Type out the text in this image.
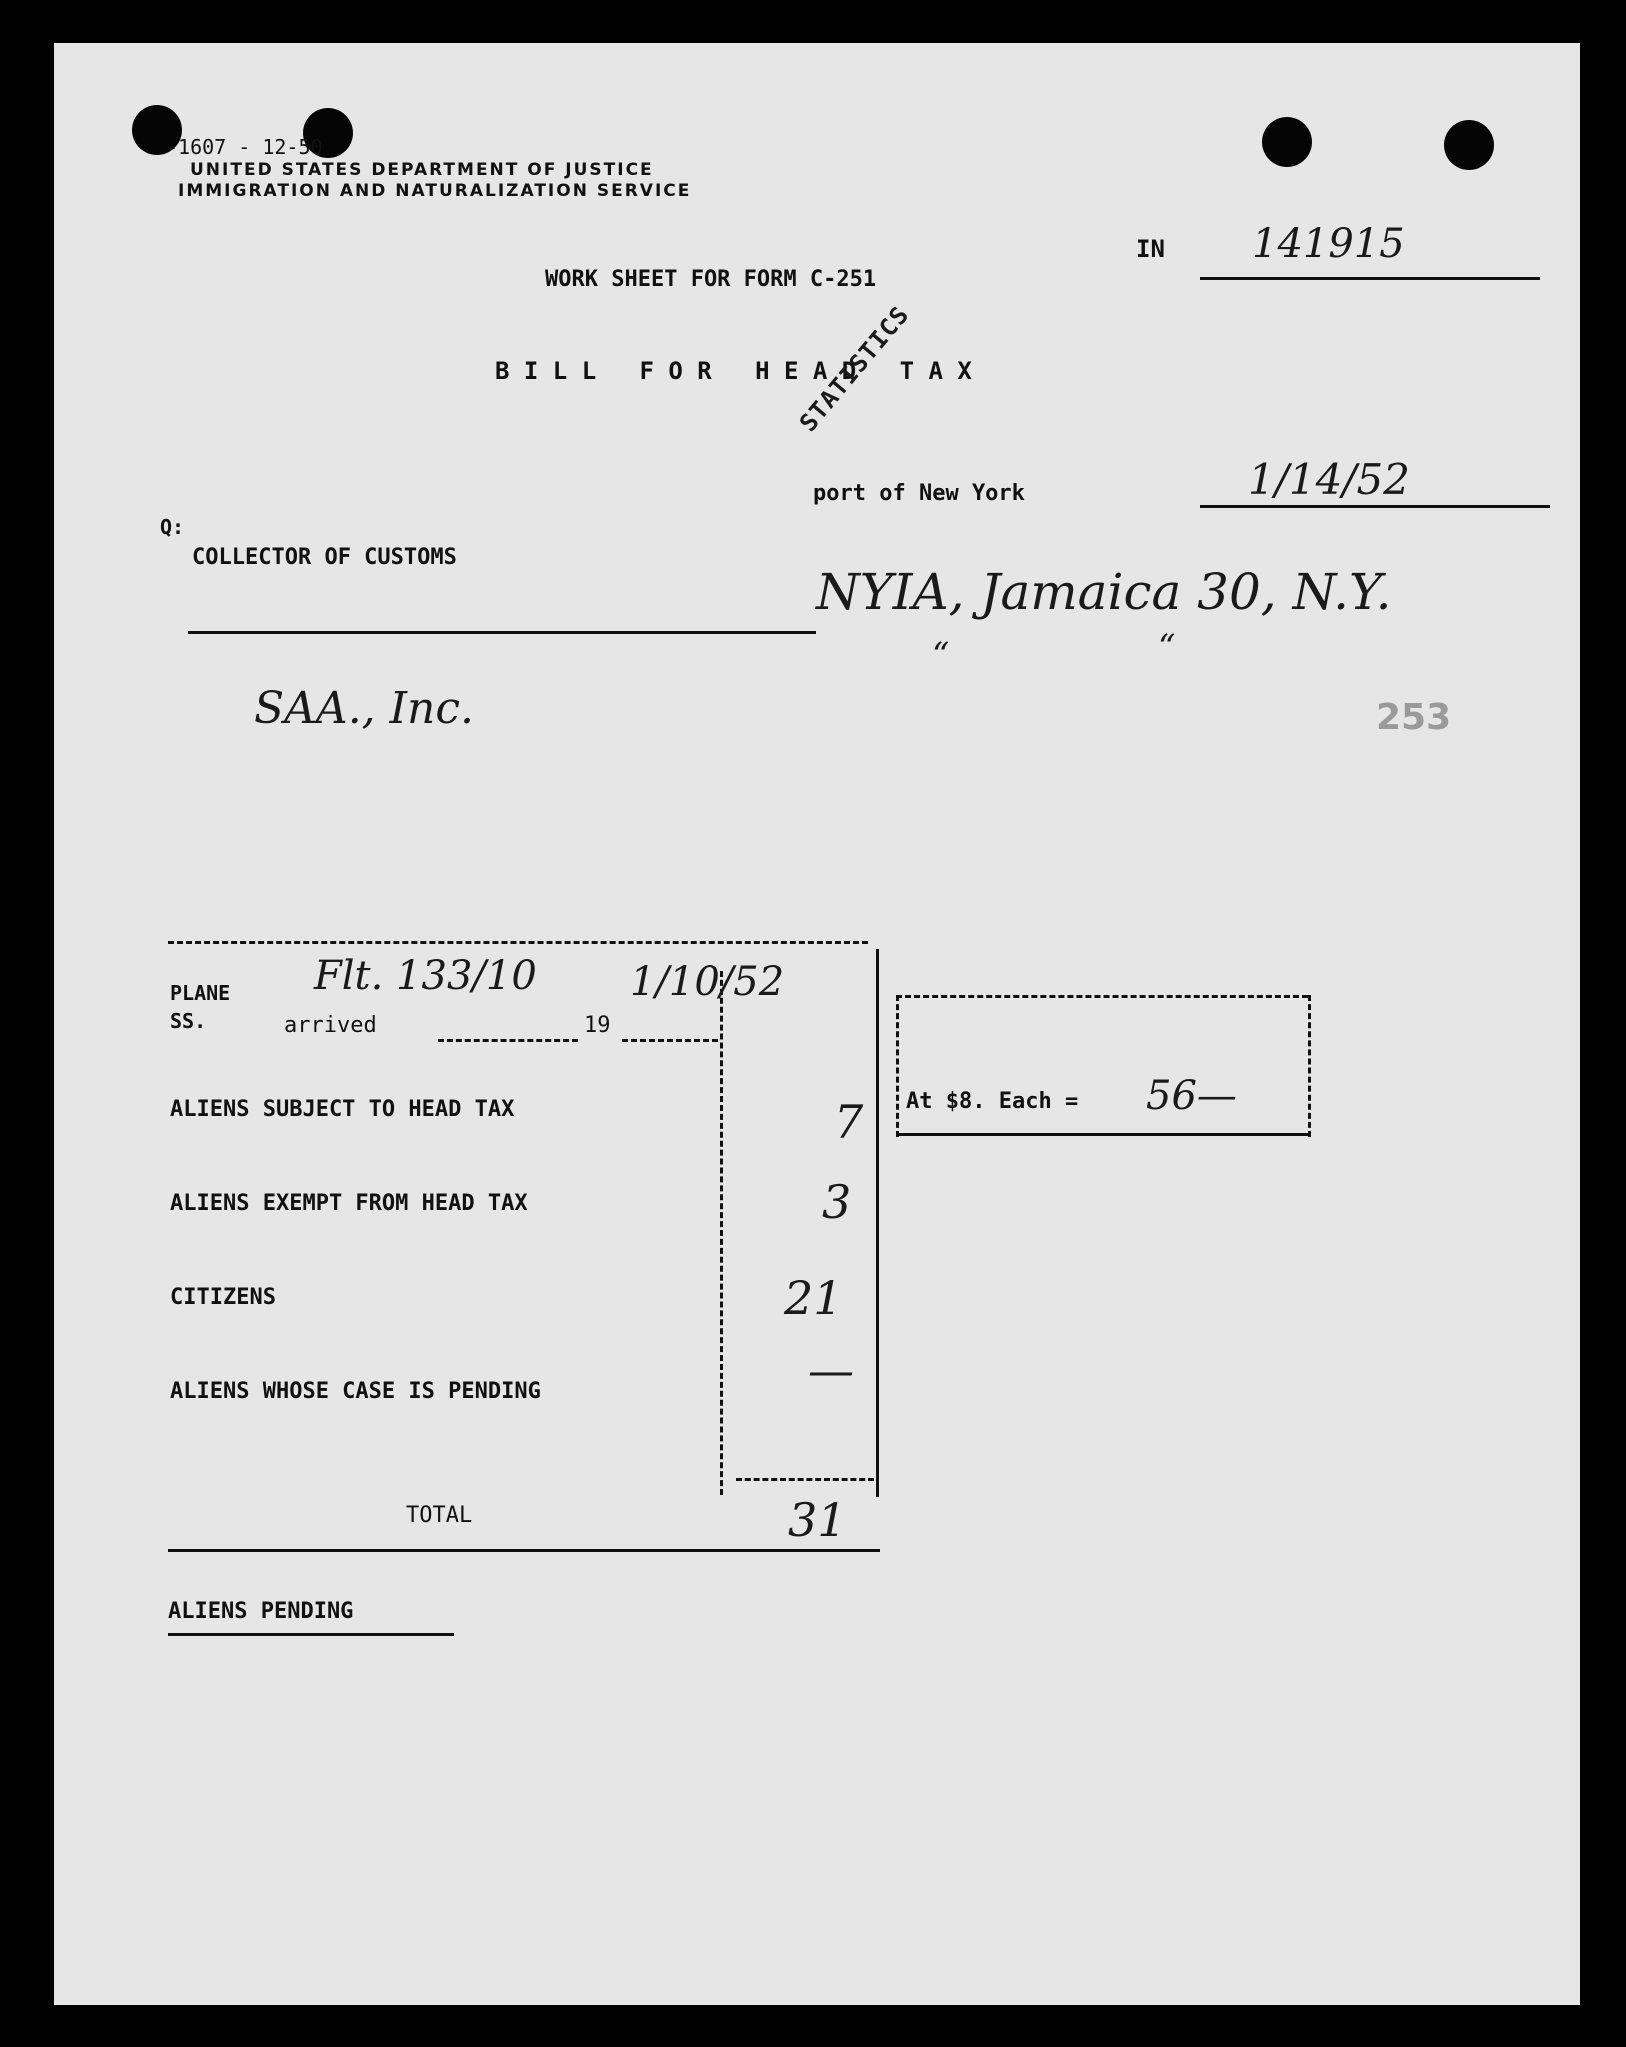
-1607 - 12-50
UNITED STATES DEPARTMENT OF JUSTICE
IMMIGRATION AND NATURALIZATION SERVICE
IN 141915
WORK SHEET FOR FORM C-251
B I L L   F O R   H E A D   T A X
STATISTICS
port of New York	1/14/52
Q:
COLLECTOR OF CUSTOMS
NYIA, Jamaica 30, N.Y.
“	“
SAA., Inc.	253
PLANE Flt. 133/10 1/10/52
SS.	arrived	19
ALIENS SUBJECT TO HEAD TAX	7
ALIENS EXEMPT FROM HEAD TAX	3
CITIZENS	21
ALIENS WHOSE CASE IS PENDING	—
TOTAL	31
At $8. Each = 56—
ALIENS PENDING
